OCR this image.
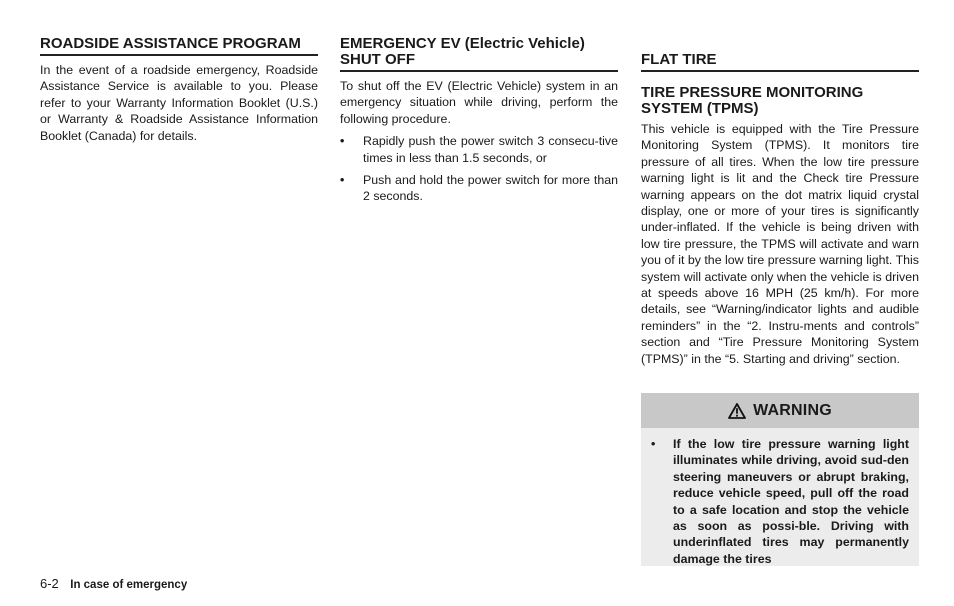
ROADSIDE ASSISTANCE PROGRAM

In the event of a roadside emergency, Roadside Assistance Service is available to you. Please refer to your Warranty Information Booklet (U.S.) or Warranty & Roadside Assistance Information Booklet (Canada) for details.

EMERGENCY EV (Electric Vehicle) SHUT OFF

To shut off the EV (Electric Vehicle) system in an emergency situation while driving, perform the following procedure.

• Rapidly push the power switch 3 consecu-tive times in less than 1.5 seconds, or
• Push and hold the power switch for more than 2 seconds.
FLAT TIRE
TIRE PRESSURE MONITORING SYSTEM (TPMS)

This vehicle is equipped with the Tire Pressure Monitoring System (TPMS). It monitors tire pressure of all tires. When the low tire pressure warning light is lit and the Check tire Pressure warning appears on the dot matrix liquid crystal display, one or more of your tires is significantly under-inflated. If the vehicle is being driven with low tire pressure, the TPMS will activate and warn you of it by the low tire pressure warning light. This system will activate only when the vehicle is driven at speeds above 16 MPH (25 km/h). For more details, see “Warning/indicator lights and audible reminders” in the “2. Instru-ments and controls” section and “Tire Pressure Monitoring System (TPMS)” in the “5. Starting and driving” section.

WARNING
• If the low tire pressure warning light illuminates while driving, avoid sud-den steering maneuvers or abrupt braking, reduce vehicle speed, pull off the road to a safe location and stop the vehicle as soon as possi-ble. Driving with underinflated tires may permanently damage the tires
6-2 In case of emergency
